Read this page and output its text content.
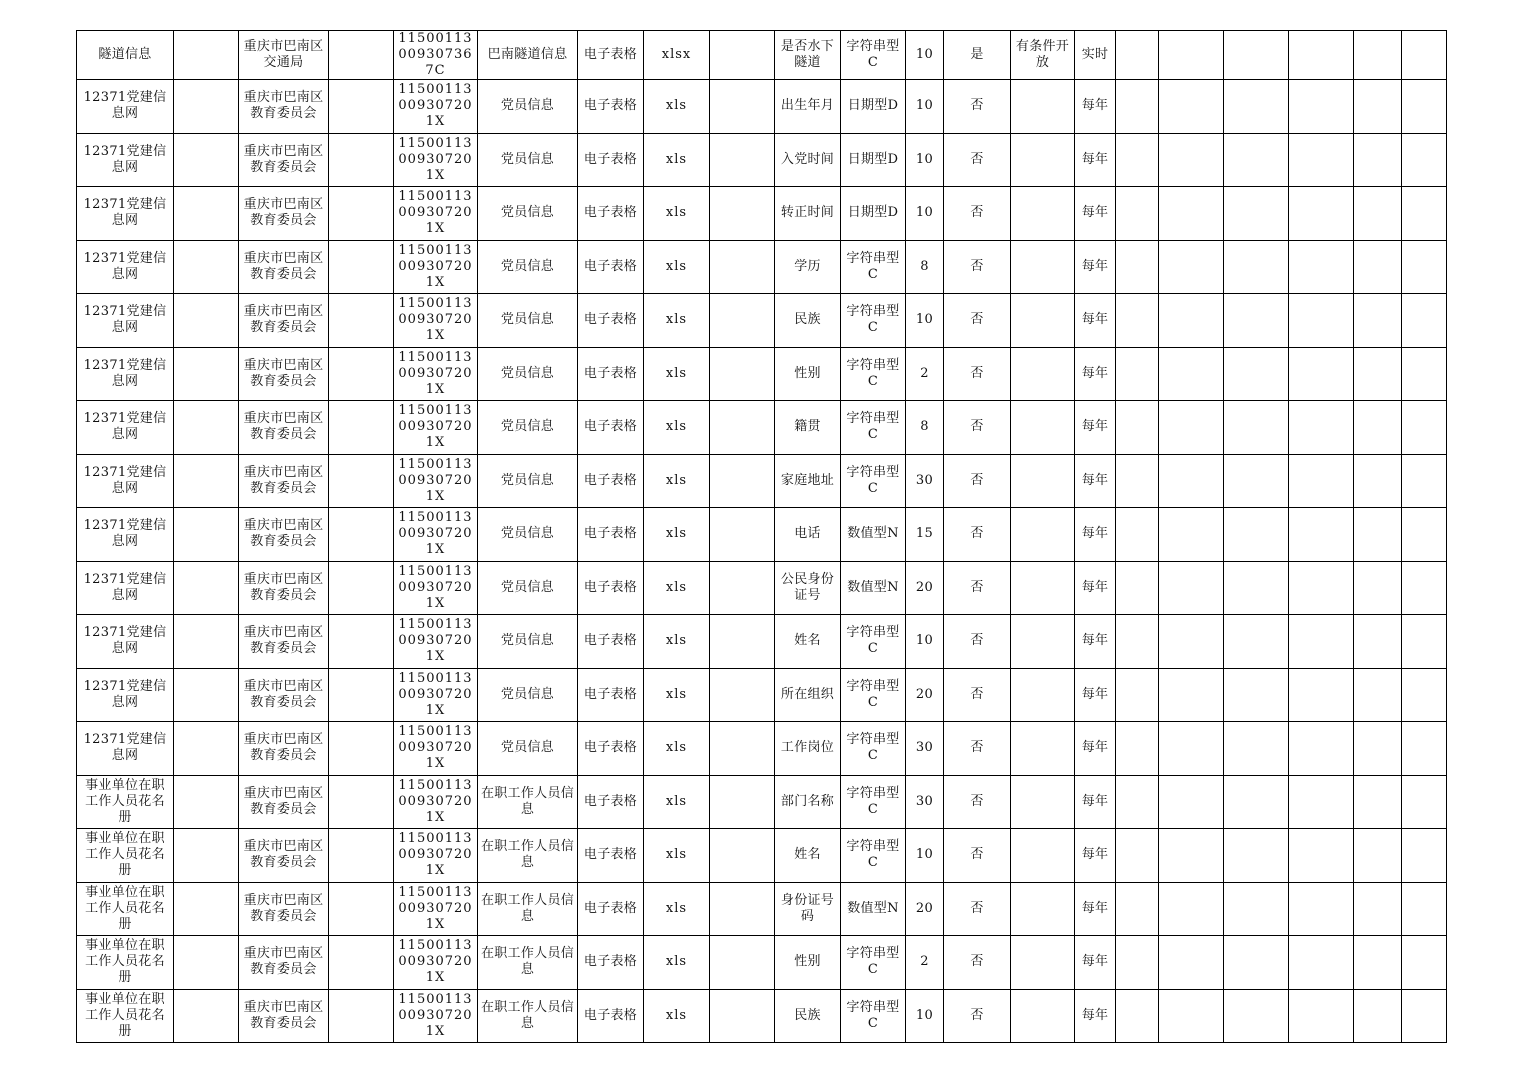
隧道信息		重庆市巴南区交通局		115001130093​07367C	巴南隧道信息	电子表格	xlsx		是否水下隧道	字符串型C	10	是	有条件开放	实时						
12371党建信息网		重庆市巴南区教育委员会		1150011300​9307201X	党员信息	电子表格	xls		出生年月	日期型D	10	否		每年						
12371党建信息网		重庆市巴南区教育委员会		1150011300​9307201X	党员信息	电子表格	xls		入党时间	日期型D	10	否		每年						
12371党建信息网		重庆市巴南区教育委员会		1150011300​9307201X	党员信息	电子表格	xls		转正时间	日期型D	10	否		每年						
12371党建信息网		重庆市巴南区教育委员会		1150011300​9307201X	党员信息	电子表格	xls		学历	字符串型C	8	否		每年						
12371党建信息网		重庆市巴南区教育委员会		1150011300​9307201X	党员信息	电子表格	xls		民族	字符串型C	10	否		每年						
12371党建信息网		重庆市巴南区教育委员会		1150011300​9307201X	党员信息	电子表格	xls		性别	字符串型C	2	否		每年						
12371党建信息网		重庆市巴南区教育委员会		1150011300​9307201X	党员信息	电子表格	xls		籍贯	字符串型C	8	否		每年						
12371党建信息网		重庆市巴南区教育委员会		1150011300​9307201X	党员信息	电子表格	xls		家庭地址	字符串型C	30	否		每年						
12371党建信息网		重庆市巴南区教育委员会		1150011300​9307201X	党员信息	电子表格	xls		电话	数值型N	15	否		每年						
12371党建信息网		重庆市巴南区教育委员会		1150011300​9307201X	党员信息	电子表格	xls		公民身份证号	数值型N	20	否		每年						
12371党建信息网		重庆市巴南区教育委员会		1150011300​9307201X	党员信息	电子表格	xls		姓名	字符串型C	10	否		每年						
12371党建信息网		重庆市巴南区教育委员会		1150011300​9307201X	党员信息	电子表格	xls		所在组织	字符串型C	20	否		每年						
12371党建信息网		重庆市巴南区教育委员会		1150011300​9307201X	党员信息	电子表格	xls		工作岗位	字符串型C	30	否		每年						
事业单位在职工作人员花名册		重庆市巴南区教育委员会		1150011300​9307201X	在职工作人员信息	电子表格	xls		部门名称	字符串型C	30	否		每年						
事业单位在职工作人员花名册		重庆市巴南区教育委员会		1150011300​9307201X	在职工作人员信息	电子表格	xls		姓名	字符串型C	10	否		每年						
事业单位在职工作人员花名册		重庆市巴南区教育委员会		1150011300​9307201X	在职工作人员信息	电子表格	xls		身份证号码	数值型N	20	否		每年						
事业单位在职工作人员花名册		重庆市巴南区教育委员会		1150011300​9307201X	在职工作人员信息	电子表格	xls		性别	字符串型C	2	否		每年						
事业单位在职工作人员花名册		重庆市巴南区教育委员会		1150011300​9307201X	在职工作人员信息	电子表格	xls		民族	字符串型C	10	否		每年						
